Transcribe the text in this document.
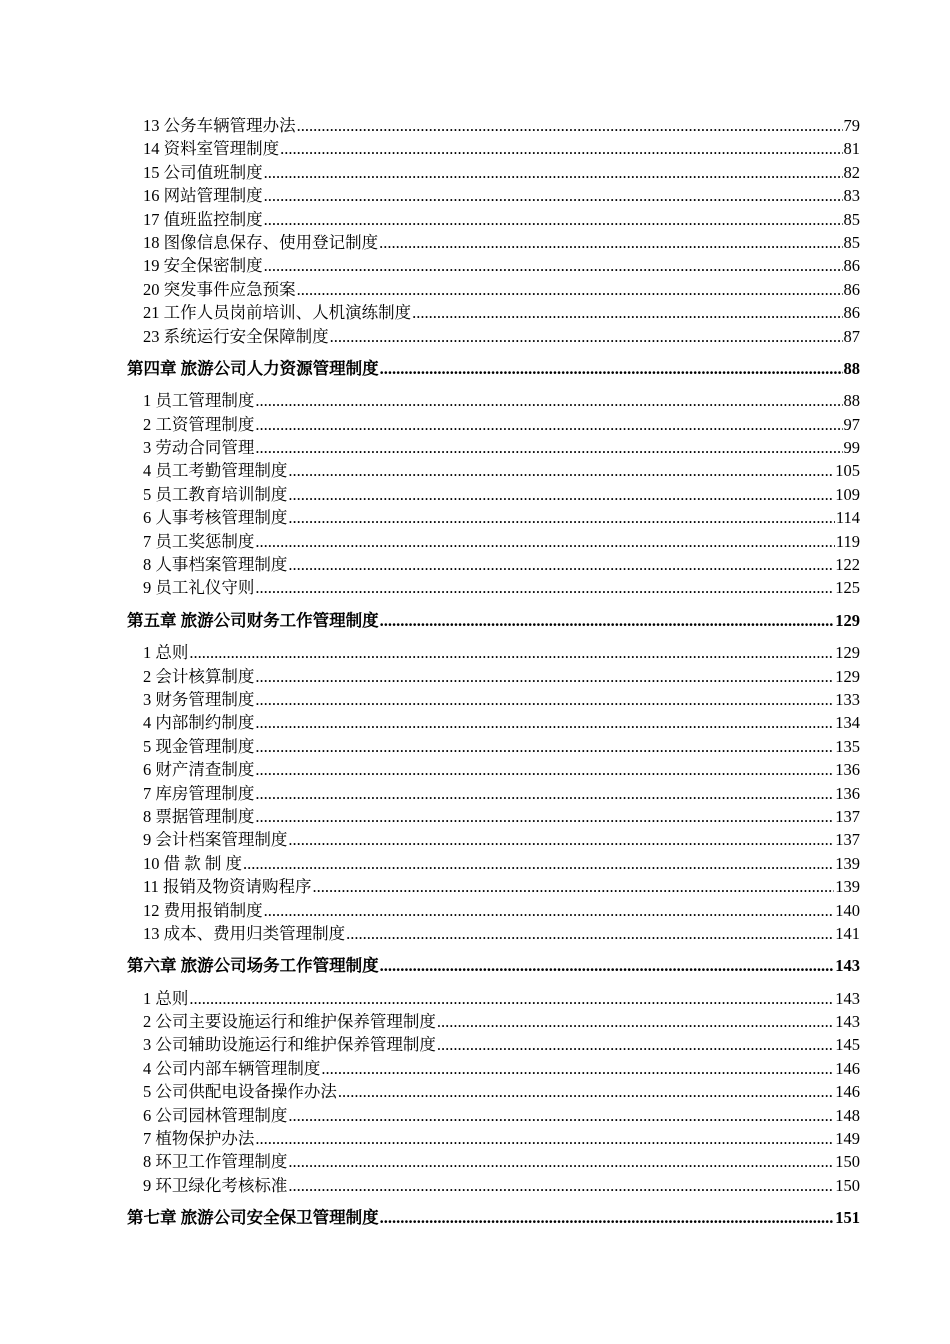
13 公务车辆管理办法 .....	79
14 资料室管理制度 .....	81
15 公司值班制度 .....	82
16 网站管理制度 .....	83
17 值班监控制度 .....	85
18 图像信息保存、使用登记制度 .....	85
19 安全保密制度 .....	86
20 突发事件应急预案 .....	86
21 工作人员岗前培训、人机演练制度 .....	86
23 系统运行安全保障制度 .....	87
第四章 旅游公司人力资源管理制度 .....	88
1 员工管理制度 .....	88
2 工资管理制度 .....	97
3 劳动合同管理 .....	99
4 员工考勤管理制度 .....	105
5 员工教育培训制度 .....	109
6 人事考核管理制度 .....	114
7 员工奖惩制度 .....	119
8 人事档案管理制度 .....	122
9 员工礼仪守则 .....	125
第五章 旅游公司财务工作管理制度 .....	129
1 总则 .....	129
2 会计核算制度 .....	129
3 财务管理制度 .....	133
4 内部制约制度 .....	134
5 现金管理制度 .....	135
6 财产清查制度 .....	136
7 库房管理制度 .....	136
8 票据管理制度 .....	137
9 会计档案管理制度 .....	137
10 借 款 制 度 .....	139
11 报销及物资请购程序 .....	139
12 费用报销制度 .....	140
13 成本、费用归类管理制度 .....	141
第六章 旅游公司场务工作管理制度 .....	143
1 总则 .....	143
2 公司主要设施运行和维护保养管理制度 .....	143
3 公司辅助设施运行和维护保养管理制度 .....	145
4 公司内部车辆管理制度 .....	146
5 公司供配电设备操作办法 .....	146
6 公司园林管理制度 .....	148
7 植物保护办法 .....	149
8 环卫工作管理制度 .....	150
9 环卫绿化考核标准 .....	150
第七章 旅游公司安全保卫管理制度 .....	151
